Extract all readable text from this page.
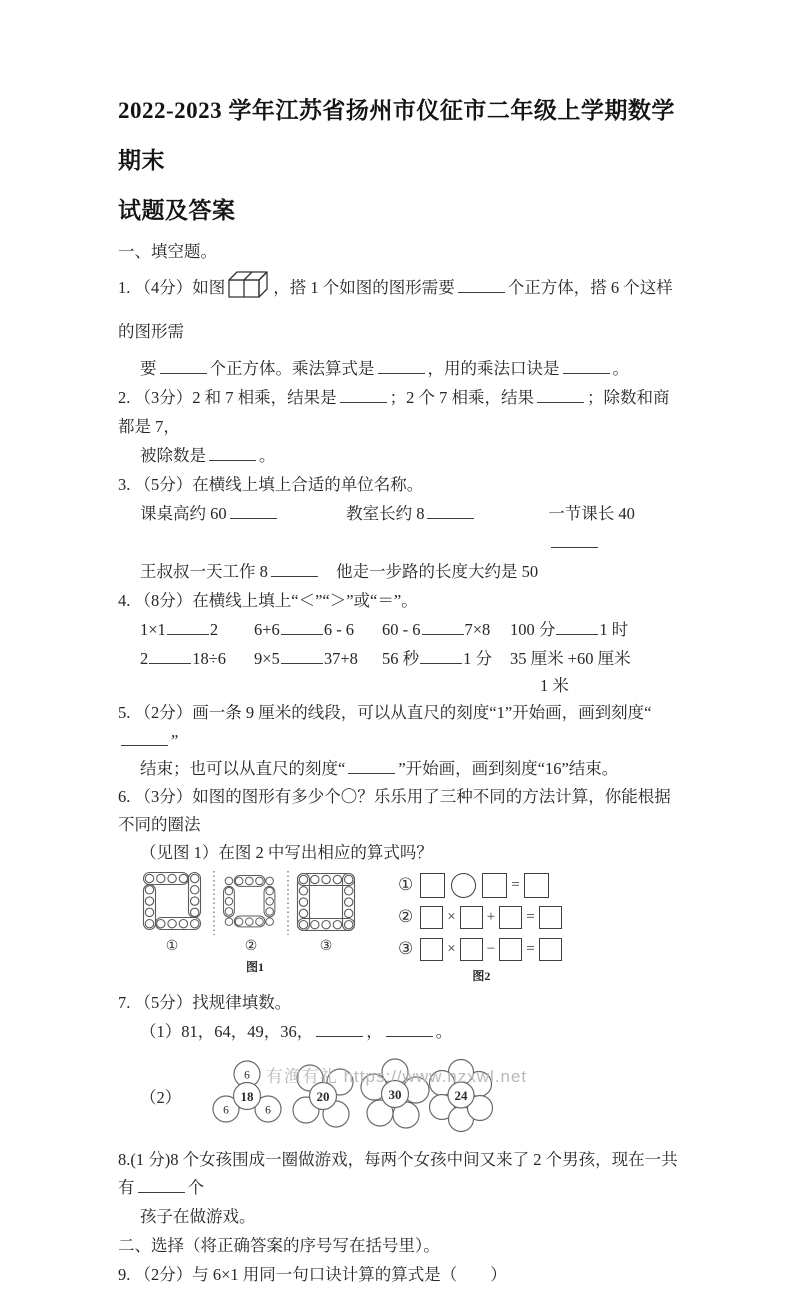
2022-2023 学年江苏省扬州市仪征市二年级上学期数学期末
试题及答案
一、填空题。
1. （4分）如图	，搭 1 个如图的图形需要	个正方体，搭 6 个这样的图形需
要	个正方体。乘法算式是	，用的乘法口诀是	。
2. （3分）2 和 7 相乘，结果是	；2 个 7 相乘，结果	；除数和商都是 7，
被除数是	。
3. （5分）在横线上填上合适的单位名称。
课桌高约 60	教室长约 8	一节课长 40
王叔叔一天工作 8	他走一步路的长度大约是 50
4. （8分）在横线上填上“＜”“＞”或“＝”。
1×1	2	6+6	6 - 6	60 - 6	7×8	100 分	1 时
2	18÷6	9×5	37+8	56 秒	1 分	35 厘米 +60 厘米
1 米
5. （2分）画一条 9 厘米的线段，可以从直尺的刻度“1”开始画，画到刻度“”
结束；也可以从直尺的刻度“	”开始画，画到刻度“16”结束。
6. （3分）如图的图形有多少个〇？乐乐用了三种不同的方法计算，你能根据不同的圈法
（见图 1）在图 2 中写出相应的算式吗？
①	②	③
图1
①	=
② × + =
③ × − =
图2
7. （5分）找规律填数。
（1）81，64，49，36，	，	。
（2）
6
6	6
18	20	30	24
8.(1 分)8 个女孩围成一圈做游戏，每两个女孩中间又来了 2 个男孩，现在一共有	个
孩子在做游戏。
二、选择（将正确答案的序号写在括号里）。
9. （2分）与 6×1 用同一句口诀计算的算式是（　　）
有渔有礼 https://www.nzxwl.net
